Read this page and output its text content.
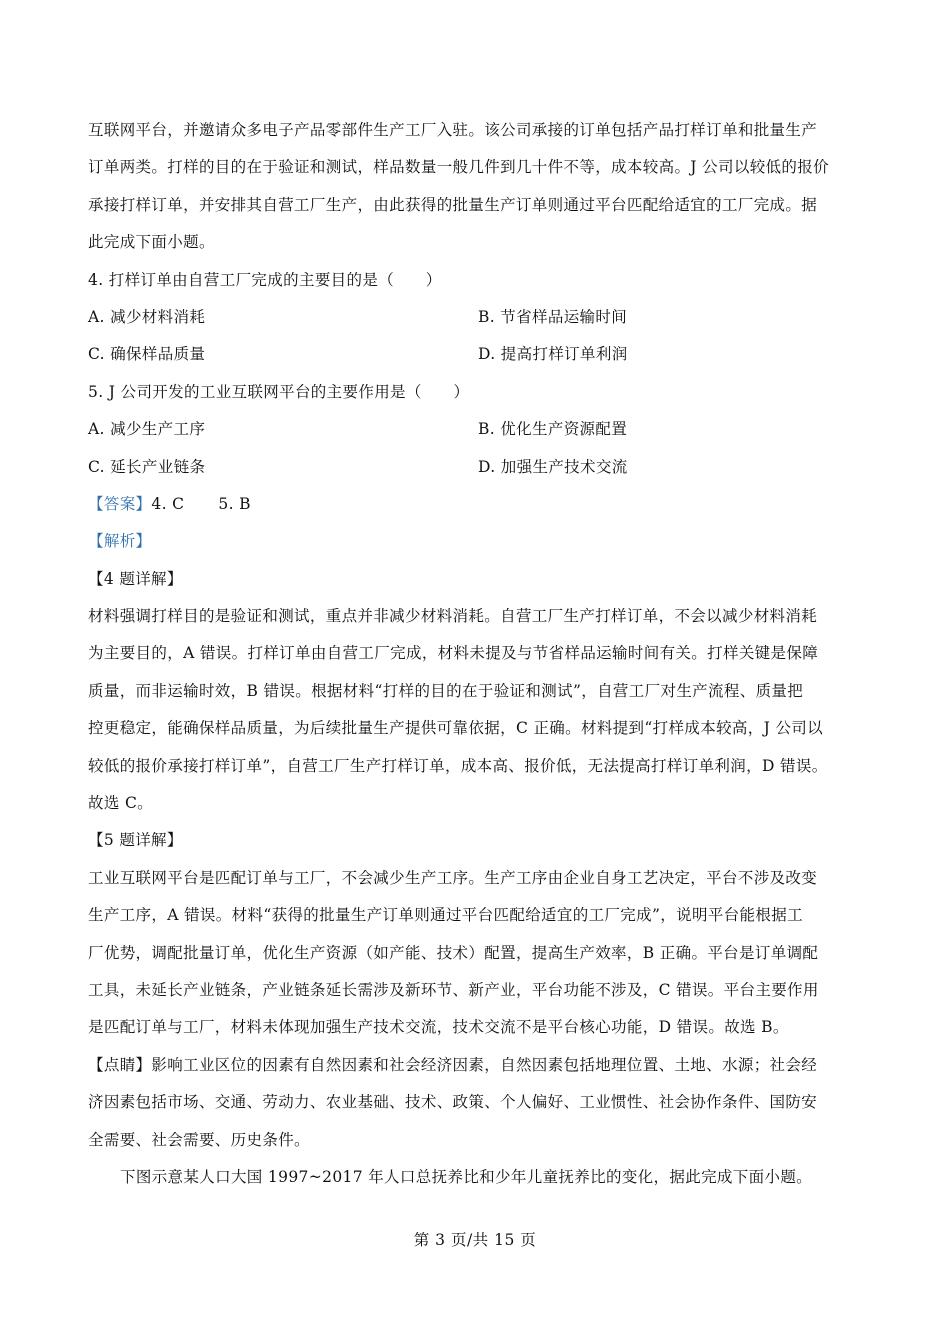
互联网平台，并邀请众多电子产品零部件生产工厂入驻。该公司承接的订单包括产品打样订单和批量生产
订单两类。打样的目的在于验证和测试，样品数量一般几件到几十件不等，成本较高。J 公司以较低的报价
承接打样订单，并安排其自营工厂生产，由此获得的批量生产订单则通过平台匹配给适宜的工厂完成。据
此完成下面小题。
4. 打样订单由自营工厂完成的主要目的是（　　）
A. 减少材料消耗	B. 节省样品运输时间
C. 确保样品质量	D. 提高打样订单利润
5. J 公司开发的工业互联网平台的主要作用是（　　）
A. 减少生产工序	B. 优化生产资源配置
C. 延长产业链条	D. 加强生产技术交流
【答案】4. C 5. B
【解析】
【4 题详解】
材料强调打样目的是验证和测试，重点并非减少材料消耗。自营工厂生产打样订单，不会以减少材料消耗
为主要目的，A 错误。打样订单由自营工厂完成，材料未提及与节省样品运输时间有关。打样关键是保障
质量，而非运输时效，B 错误。根据材料“打样的目的在于验证和测试”，自营工厂对生产流程、质量把
控更稳定，能确保样品质量，为后续批量生产提供可靠依据，C 正确。材料提到“打样成本较高，J 公司以
较低的报价承接打样订单”，自营工厂生产打样订单，成本高、报价低，无法提高打样订单利润，D 错误。
故选 C。
【5 题详解】
工业互联网平台是匹配订单与工厂，不会减少生产工序。生产工序由企业自身工艺决定，平台不涉及改变
生产工序，A 错误。材料“获得的批量生产订单则通过平台匹配给适宜的工厂完成”，说明平台能根据工
厂优势，调配批量订单，优化生产资源（如产能、技术）配置，提高生产效率，B 正确。平台是订单调配
工具，未延长产业链条，产业链条延长需涉及新环节、新产业，平台功能不涉及，C 错误。平台主要作用
是匹配订单与工厂，材料未体现加强生产技术交流，技术交流不是平台核心功能，D 错误。故选 B。
【点睛】影响工业区位的因素有自然因素和社会经济因素，自然因素包括地理位置、土地、水源；社会经
济因素包括市场、交通、劳动力、农业基础、技术、政策、个人偏好、工业惯性、社会协作条件、国防安
全需要、社会需要、历史条件。
下图示意某人口大国 1997~2017 年人口总抚养比和少年儿童抚养比的变化，据此完成下面小题。
第 3 页/共 15 页
